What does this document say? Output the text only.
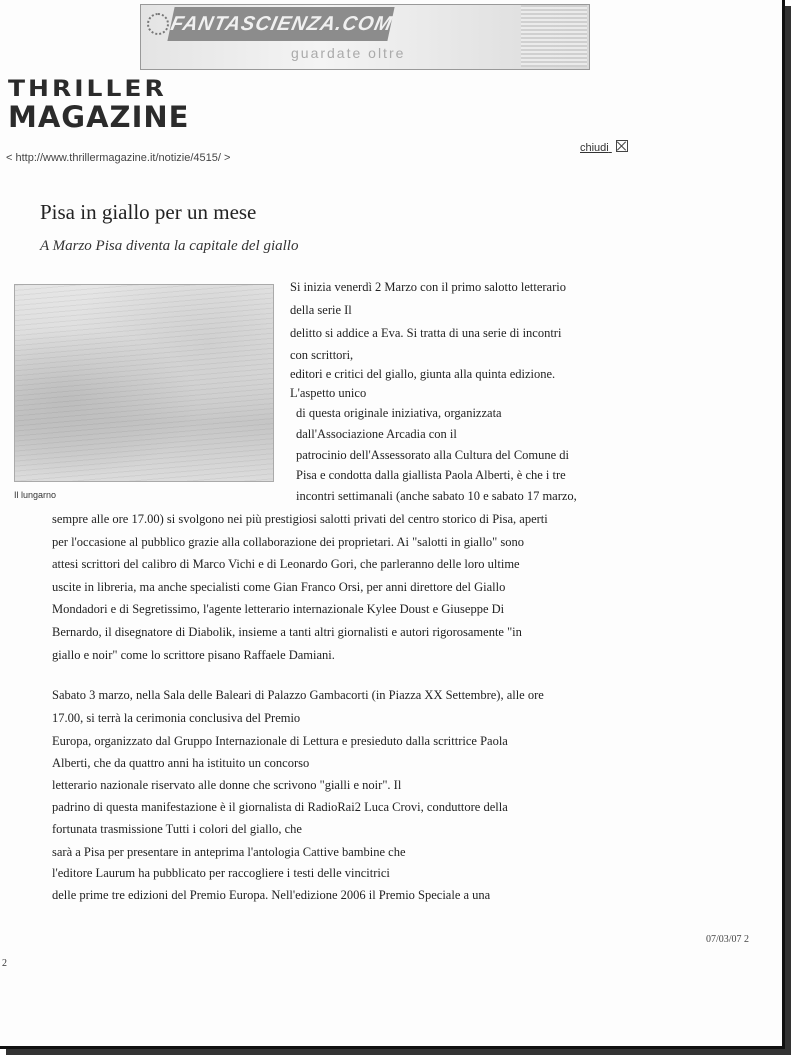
FANTASCIENZA.COM
guardate oltre
THRILLER
MAGAZINE
< http://www.thrillermagazine.it/notizie/4515/ >
chiudi
Pisa in giallo per un mese
A Marzo Pisa diventa la capitale del giallo
Il lungarno
Si inizia venerdì 2 Marzo con il primo salotto letterario
della serie Il
delitto si addice a Eva. Si tratta di una serie di incontri
con scrittori,
editori e critici del giallo, giunta alla quinta edizione.
L'aspetto unico
di questa originale iniziativa, organizzata
dall'Associazione Arcadia con il
patrocinio dell'Assessorato alla Cultura del Comune di
Pisa e condotta dalla giallista Paola Alberti, è che i tre
incontri settimanali (anche sabato 10 e sabato 17 marzo,
sempre alle ore 17.00) si svolgono nei più prestigiosi salotti privati del centro storico di Pisa, aperti
per l'occasione al pubblico grazie alla collaborazione dei proprietari. Ai "salotti in giallo" sono
attesi scrittori del calibro di Marco Vichi e di Leonardo Gori, che parleranno delle loro ultime
uscite in libreria, ma anche specialisti come Gian Franco Orsi, per anni direttore del Giallo
Mondadori e di Segretissimo, l'agente letterario internazionale Kylee Doust e Giuseppe Di
Bernardo, il disegnatore di Diabolik, insieme a tanti altri giornalisti e autori rigorosamente "in
giallo e noir" come lo scrittore pisano Raffaele Damiani.
Sabato 3 marzo, nella Sala delle Baleari di Palazzo Gambacorti (in Piazza XX Settembre), alle ore
17.00, si terrà la cerimonia conclusiva del Premio
Europa, organizzato dal Gruppo Internazionale di Lettura e presieduto dalla scrittrice Paola
Alberti, che da quattro anni ha istituito un concorso
letterario nazionale riservato alle donne che scrivono "gialli e noir". Il
padrino di questa manifestazione è il giornalista di RadioRai2 Luca Crovi, conduttore della
fortunata trasmissione Tutti i colori del giallo, che
sarà a Pisa per presentare in anteprima l'antologia Cattive bambine che
l'editore Laurum ha pubblicato per raccogliere i testi delle vincitrici
delle prime tre edizioni del Premio Europa. Nell'edizione 2006 il Premio Speciale a una
07/03/07 2
2
